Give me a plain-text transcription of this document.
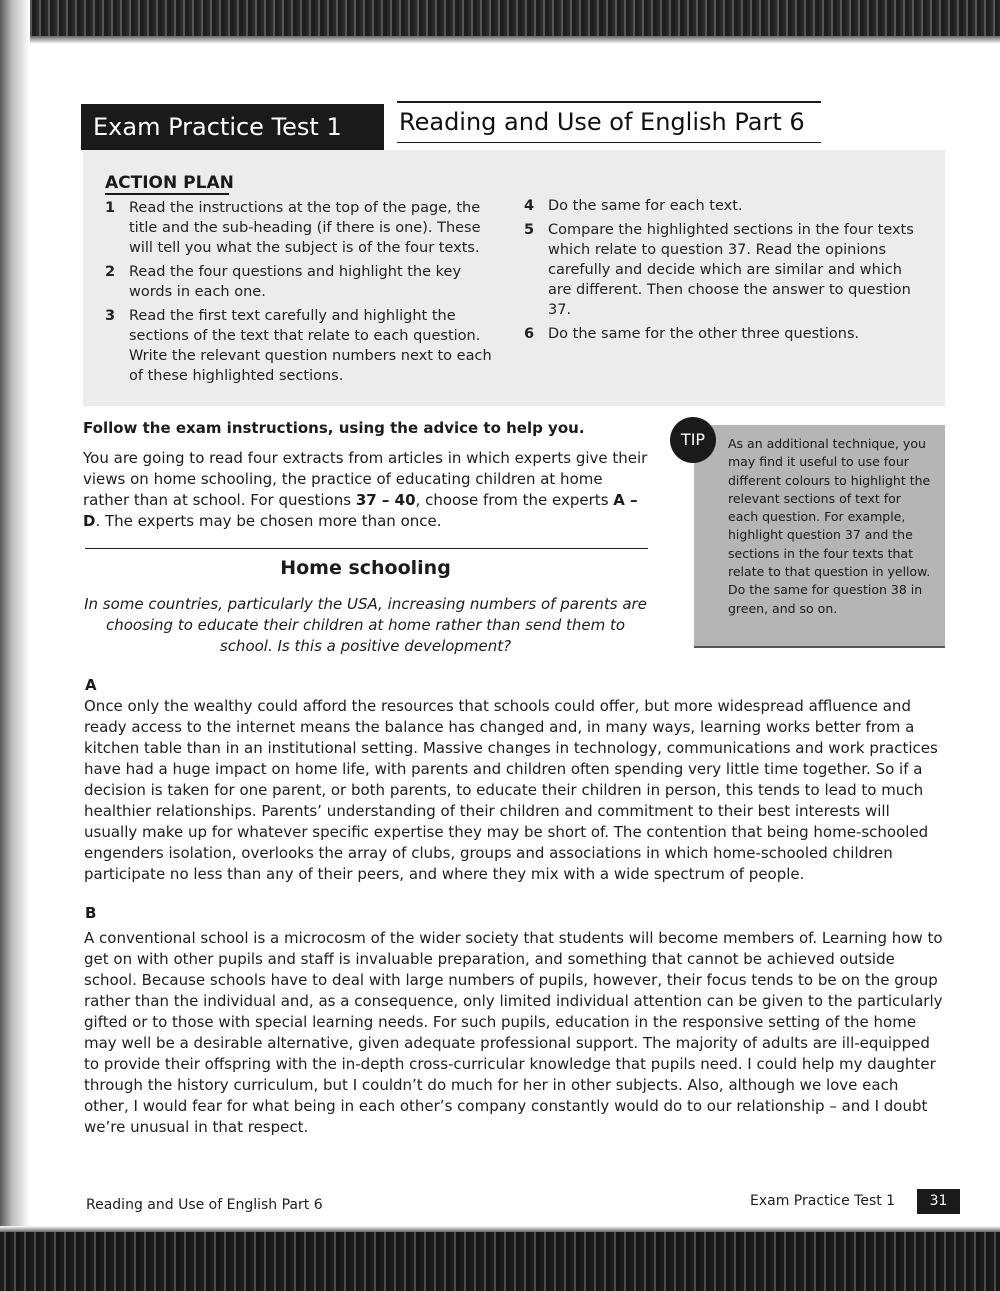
Exam Practice Test 1	Reading and Use of English Part 6
ACTION PLAN
1 Read the instructions at the top of the page, the title and the sub-heading (if there is one). These will tell you what the subject is of the four texts.
2 Read the four questions and highlight the key words in each one.
3 Read the first text carefully and highlight the sections of the text that relate to each question. Write the relevant question numbers next to each of these highlighted sections.
4 Do the same for each text.
5 Compare the highlighted sections in the four texts which relate to question 37. Read the opinions carefully and decide which are similar and which are different. Then choose the answer to question 37.
6 Do the same for the other three questions.
Follow the exam instructions, using the advice to help you.

You are going to read four extracts from articles in which experts give their views on home schooling, the practice of educating children at home rather than at school. For questions 37 – 40, choose from the experts A – D. The experts may be chosen more than once.

Home schooling

In some countries, particularly the USA, increasing numbers of parents are choosing to educate their children at home rather than send them to school. Is this a positive development?

As an additional technique, you may find it useful to use four different colours to highlight the relevant sections of text for each question. For example, highlight question 37 and the sections in the four texts that relate to that question in yellow. Do the same for question 38 in green, and so on.
TIP
A

Once only the wealthy could afford the resources that schools could offer, but more widespread affluence and ready access to the internet means the balance has changed and, in many ways, learning works better from a kitchen table than in an institutional setting. Massive changes in technology, communications and work practices have had a huge impact on home life, with parents and children often spending very little time together. So if a decision is taken for one parent, or both parents, to educate their children in person, this tends to lead to much healthier relationships. Parents’ understanding of their children and commitment to their best interests will usually make up for whatever specific expertise they may be short of. The contention that being home-schooled engenders isolation, overlooks the array of clubs, groups and associations in which home-schooled children participate no less than any of their peers, and where they mix with a wide spectrum of people.

B

A conventional school is a microcosm of the wider society that students will become members of. Learning how to get on with other pupils and staff is invaluable preparation, and something that cannot be achieved outside school. Because schools have to deal with large numbers of pupils, however, their focus tends to be on the group rather than the individual and, as a consequence, only limited individual attention can be given to the particularly gifted or to those with special learning needs. For such pupils, education in the responsive setting of the home may well be a desirable alternative, given adequate professional support. The majority of adults are ill-equipped to provide their offspring with the in-depth cross-curricular knowledge that pupils need. I could help my daughter through the history curriculum, but I couldn’t do much for her in other subjects. Also, although we love each other, I would fear for what being in each other’s company constantly would do to our relationship – and I doubt we’re unusual in that respect.

Reading and Use of English Part 6	Exam Practice Test 1	31
